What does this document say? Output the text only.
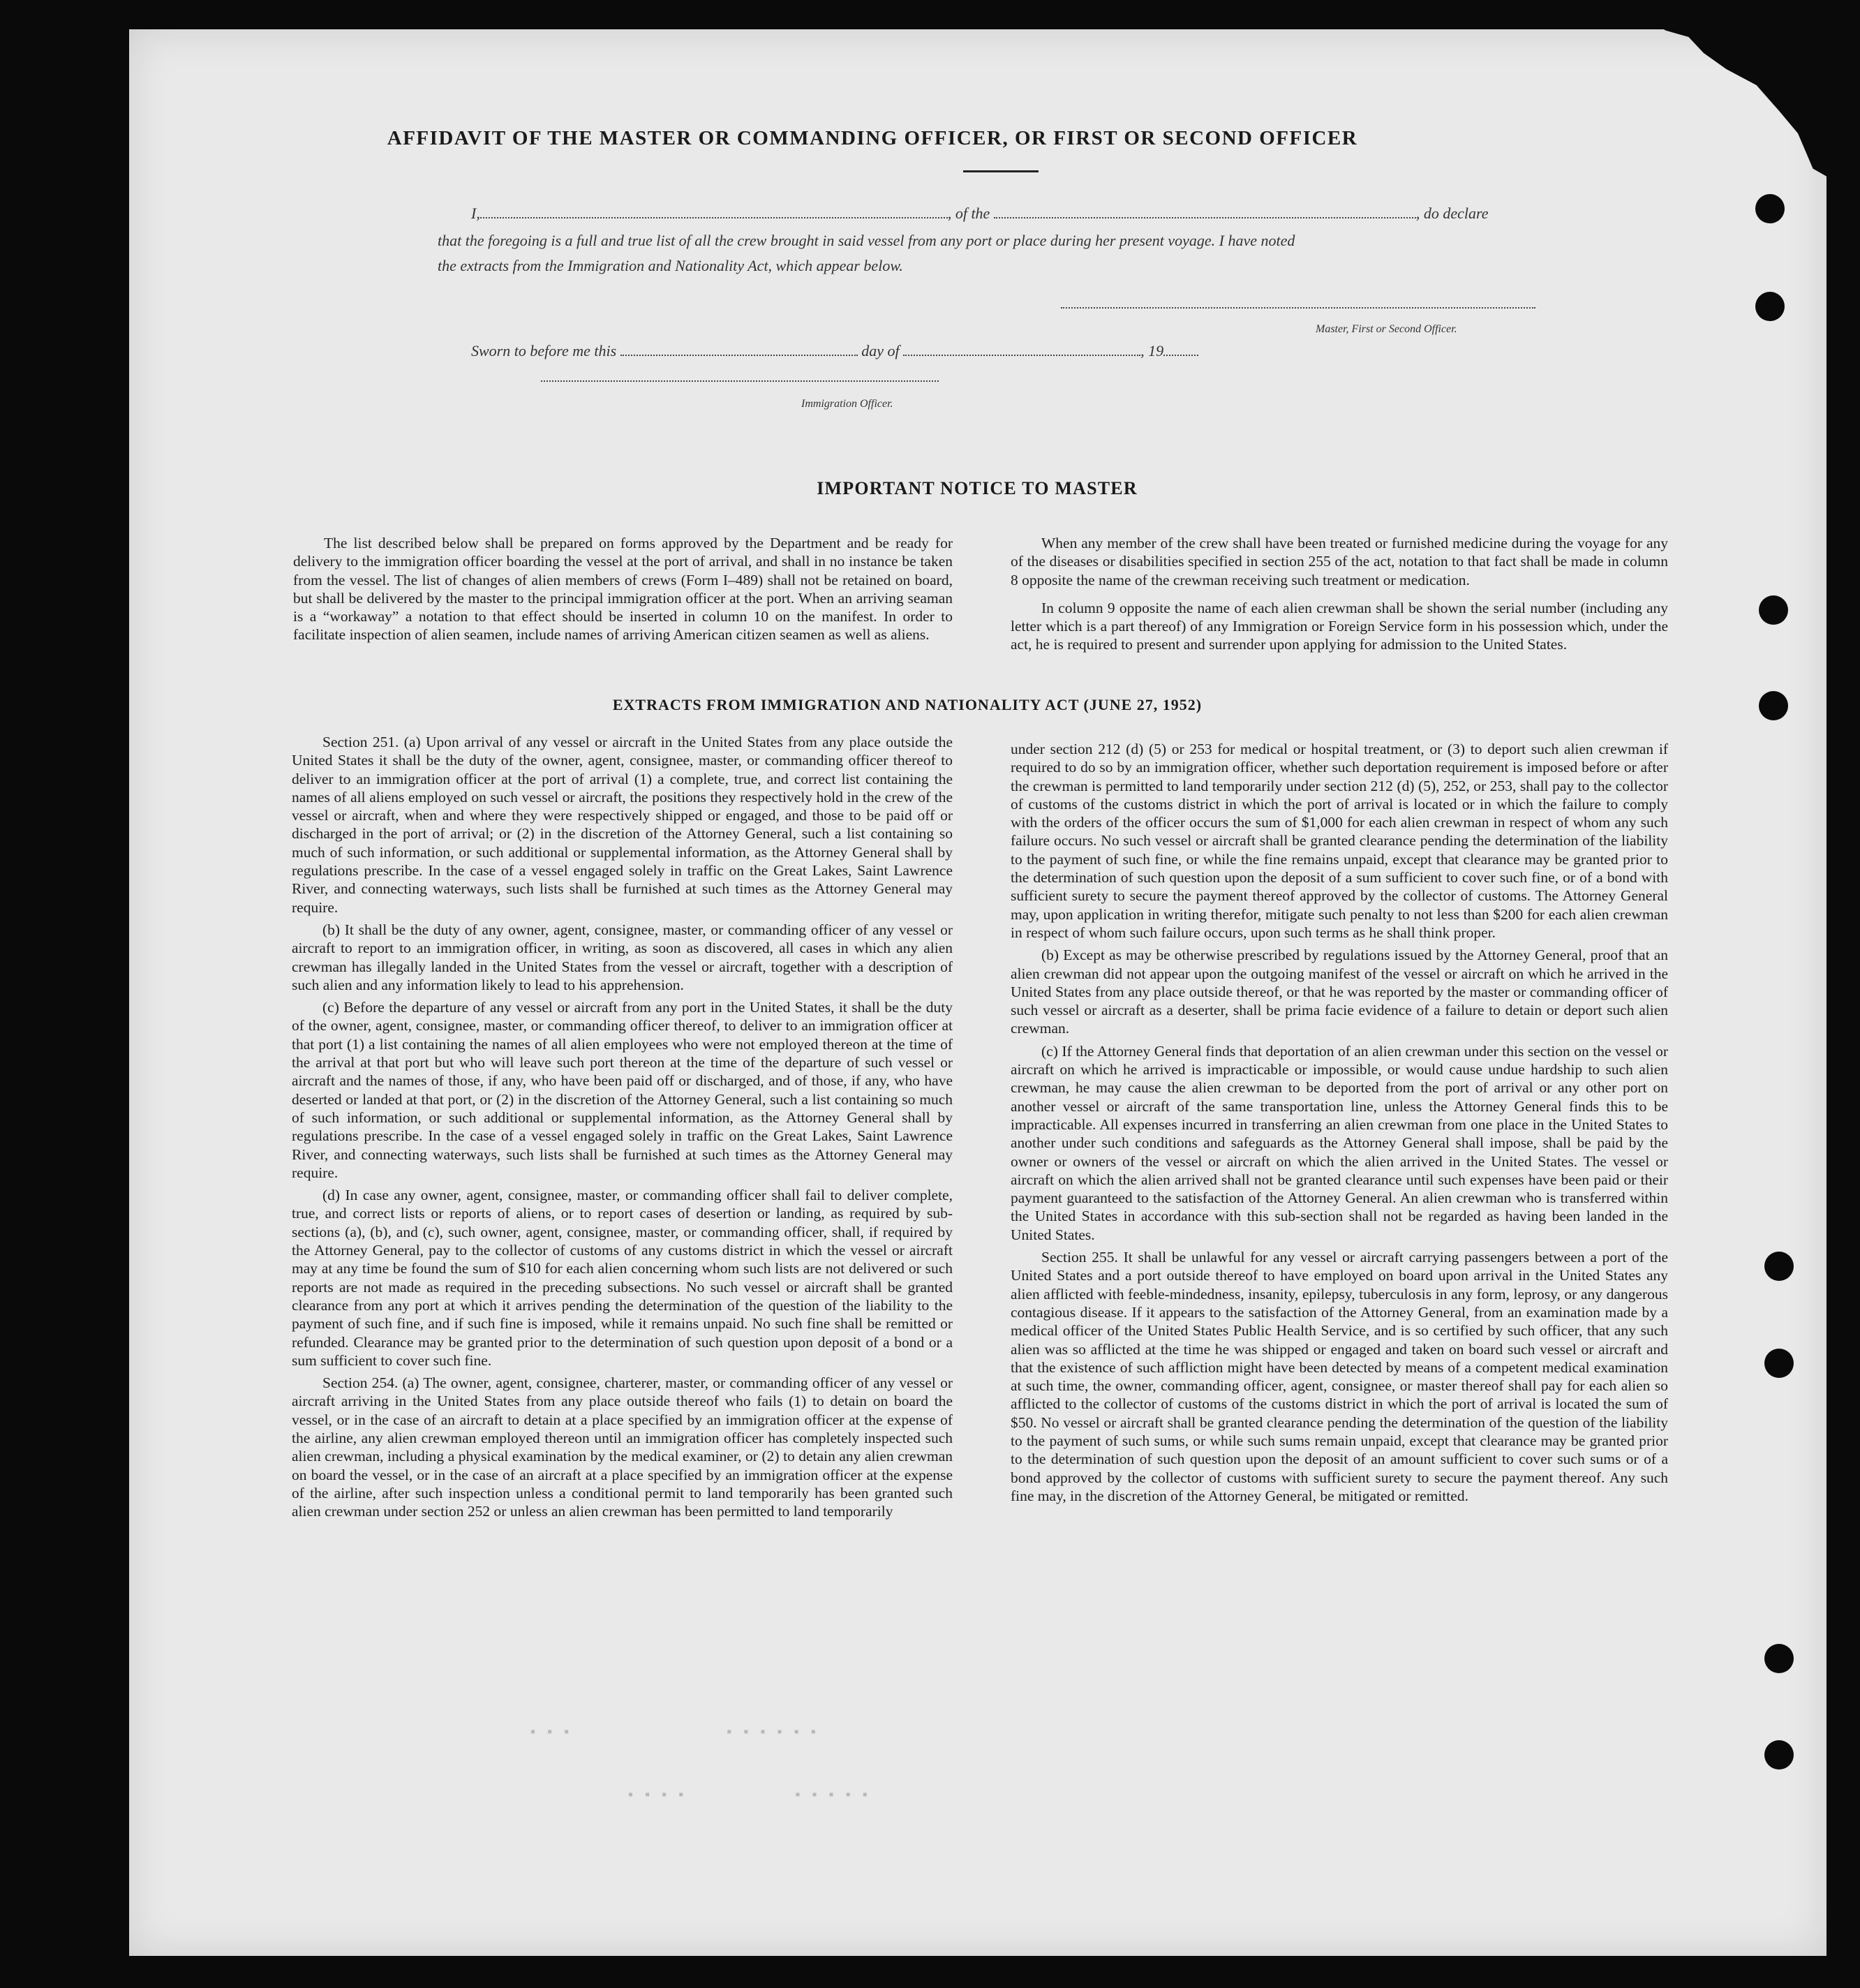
AFFIDAVIT OF THE MASTER OR COMMANDING OFFICER, OR FIRST OR SECOND OFFICER
I,	, of the	, do declare
that the foregoing is a full and true list of all the crew brought in said vessel from any port or place during her present voyage. I have noted
the extracts from the Immigration and Nationality Act, which appear below.
Master, First or Second Officer.
Sworn to before me this	day of	, 19
Immigration Officer.
IMPORTANT NOTICE TO MASTER

The list described below shall be prepared on forms approved by the Department and be ready for delivery to the immigration officer boarding the vessel at the port of arrival, and shall in no instance be taken from the vessel. The list of changes of alien members of crews (Form I–489) shall not be retained on board, but shall be delivered by the master to the principal immigration officer at the port. When an arriving seaman is a “workaway” a notation to that effect should be inserted in column 10 on the manifest. In order to facilitate inspection of alien seamen, include names of arriving American citizen seamen as well as aliens.

When any member of the crew shall have been treated or furnished medicine during the voyage for any of the diseases or disabilities specified in section 255 of the act, notation to that fact shall be made in column 8 opposite the name of the crewman receiving such treatment or medication.

In column 9 opposite the name of each alien crewman shall be shown the serial number (including any letter which is a part thereof) of any Immigration or Foreign Service form in his possession which, under the act, he is required to present and surrender upon applying for admission to the United States.

EXTRACTS FROM IMMIGRATION AND NATIONALITY ACT (JUNE 27, 1952)

Section 251. (a) Upon arrival of any vessel or aircraft in the United States from any place outside the United States it shall be the duty of the owner, agent, consignee, master, or commanding officer thereof to deliver to an immigration officer at the port of arrival (1) a complete, true, and correct list containing the names of all aliens employed on such vessel or aircraft, the positions they respectively hold in the crew of the vessel or aircraft, when and where they were respectively shipped or engaged, and those to be paid off or discharged in the port of arrival; or (2) in the discretion of the Attorney General, such a list containing so much of such information, or such additional or supplemental information, as the Attorney General shall by regulations prescribe. In the case of a vessel engaged solely in traffic on the Great Lakes, Saint Lawrence River, and connecting waterways, such lists shall be furnished at such times as the Attorney General may require.

(b) It shall be the duty of any owner, agent, consignee, master, or commanding officer of any vessel or aircraft to report to an immigration officer, in writing, as soon as discovered, all cases in which any alien crewman has illegally landed in the United States from the vessel or aircraft, together with a description of such alien and any information likely to lead to his apprehension.

(c) Before the departure of any vessel or aircraft from any port in the United States, it shall be the duty of the owner, agent, consignee, master, or commanding officer thereof, to deliver to an immigration officer at that port (1) a list containing the names of all alien employees who were not employed thereon at the time of the arrival at that port but who will leave such port thereon at the time of the departure of such vessel or aircraft and the names of those, if any, who have been paid off or discharged, and of those, if any, who have deserted or landed at that port, or (2) in the discretion of the Attorney General, such a list containing so much of such information, or such additional or supplemental information, as the Attorney General shall by regulations prescribe. In the case of a vessel engaged solely in traffic on the Great Lakes, Saint Lawrence River, and connecting waterways, such lists shall be furnished at such times as the Attorney General may require.

(d) In case any owner, agent, consignee, master, or commanding officer shall fail to deliver complete, true, and correct lists or reports of aliens, or to report cases of desertion or landing, as required by sub-sections (a), (b), and (c), such owner, agent, consignee, master, or commanding officer, shall, if required by the Attorney General, pay to the collector of customs of any customs district in which the vessel or aircraft may at any time be found the sum of $10 for each alien concerning whom such lists are not delivered or such reports are not made as required in the preceding subsections. No such vessel or aircraft shall be granted clearance from any port at which it arrives pending the determination of the question of the liability to the payment of such fine, and if such fine is imposed, while it remains unpaid. No such fine shall be remitted or refunded. Clearance may be granted prior to the determination of such question upon deposit of a bond or a sum sufficient to cover such fine.

Section 254. (a) The owner, agent, consignee, charterer, master, or commanding officer of any vessel or aircraft arriving in the United States from any place outside thereof who fails (1) to detain on board the vessel, or in the case of an aircraft to detain at a place specified by an immigration officer at the expense of the airline, any alien crewman employed thereon until an immigration officer has completely inspected such alien crewman, including a physical examination by the medical examiner, or (2) to detain any alien crewman on board the vessel, or in the case of an aircraft at a place specified by an immigration officer at the expense of the airline, after such inspection unless a conditional permit to land temporarily has been granted such alien crewman under section 252 or unless an alien crewman has been permitted to land temporarily

under section 212 (d) (5) or 253 for medical or hospital treatment, or (3) to deport such alien crewman if required to do so by an immigration officer, whether such deportation requirement is imposed before or after the crewman is permitted to land temporarily under section 212 (d) (5), 252, or 253, shall pay to the collector of customs of the customs district in which the port of arrival is located or in which the failure to comply with the orders of the officer occurs the sum of $1,000 for each alien crewman in respect of whom any such failure occurs. No such vessel or aircraft shall be granted clearance pending the determination of the liability to the payment of such fine, or while the fine remains unpaid, except that clearance may be granted prior to the determination of such question upon the deposit of a sum sufficient to cover such fine, or of a bond with sufficient surety to secure the payment thereof approved by the collector of customs. The Attorney General may, upon application in writing therefor, mitigate such penalty to not less than $200 for each alien crewman in respect of whom such failure occurs, upon such terms as he shall think proper.

(b) Except as may be otherwise prescribed by regulations issued by the Attorney General, proof that an alien crewman did not appear upon the outgoing manifest of the vessel or aircraft on which he arrived in the United States from any place outside thereof, or that he was reported by the master or commanding officer of such vessel or aircraft as a deserter, shall be prima facie evidence of a failure to detain or deport such alien crewman.

(c) If the Attorney General finds that deportation of an alien crewman under this section on the vessel or aircraft on which he arrived is impracticable or impossible, or would cause undue hardship to such alien crewman, he may cause the alien crewman to be deported from the port of arrival or any other port on another vessel or aircraft of the same transportation line, unless the Attorney General finds this to be impracticable. All expenses incurred in transferring an alien crewman from one place in the United States to another under such conditions and safeguards as the Attorney General shall impose, shall be paid by the owner or owners of the vessel or aircraft on which the alien arrived in the United States. The vessel or aircraft on which the alien arrived shall not be granted clearance until such expenses have been paid or their payment guaranteed to the satisfaction of the Attorney General. An alien crewman who is transferred within the United States in accordance with this sub-section shall not be regarded as having been landed in the United States.

Section 255. It shall be unlawful for any vessel or aircraft carrying passengers between a port of the United States and a port outside thereof to have employed on board upon arrival in the United States any alien afflicted with feeble-mindedness, insanity, epilepsy, tuberculosis in any form, leprosy, or any dangerous contagious disease. If it appears to the satisfaction of the Attorney General, from an examination made by a medical officer of the United States Public Health Service, and is so certified by such officer, that any such alien was so afflicted at the time he was shipped or engaged and taken on board such vessel or aircraft and that the existence of such affliction might have been detected by means of a competent medical examination at such time, the owner, commanding officer, agent, consignee, or master thereof shall pay for each alien so afflicted to the collector of customs of the customs district in which the port of arrival is located the sum of $50. No vessel or aircraft shall be granted clearance pending the determination of the question of the liability to the payment of such sums, or while such sums remain unpaid, except that clearance may be granted prior to the determination of such question upon the deposit of an amount sufficient to cover such sums or of a bond approved by the collector of customs with sufficient surety to secure the payment thereof. Any such fine may, in the discretion of the Attorney General, be mitigated or remitted.

▪ ▪ ▪                    ▪ ▪ ▪ ▪ ▪ ▪
▪ ▪ ▪ ▪              ▪ ▪ ▪ ▪ ▪
